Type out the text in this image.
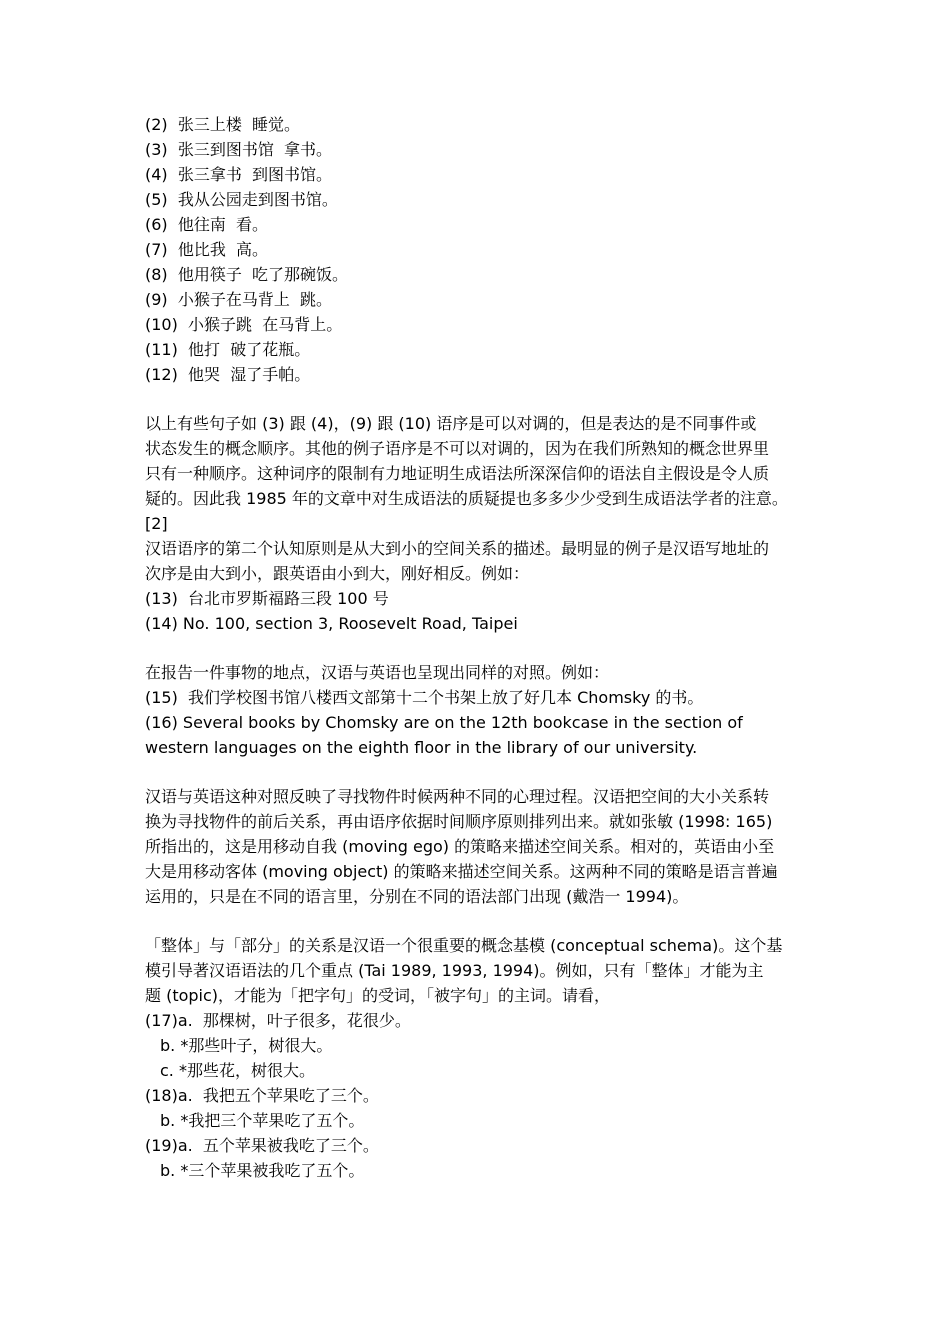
(2)  张三上楼  睡觉。
(3)  张三到图书馆  拿书。
(4)  张三拿书  到图书馆。
(5)  我从公园走到图书馆。
(6)  他往南  看。
(7)  他比我  高。
(8)  他用筷子  吃了那碗饭。
(9)  小猴子在马背上  跳。
(10)  小猴子跳  在马背上。
(11)  他打  破了花瓶。
(12)  他哭  湿了手帕。
以上有些句子如 (3) 跟 (4)，(9) 跟 (10) 语序是可以对调的，但是表达的是不同事件或
状态发生的概念顺序。其他的例子语序是不可以对调的，因为在我们所熟知的概念世界里
只有一种顺序。这种词序的限制有力地证明生成语法所深深信仰的语法自主假设是令人质
疑的。因此我 1985 年的文章中对生成语法的质疑提也多多少少受到生成语法学者的注意。
[2]
汉语语序的第二个认知原则是从大到小的空间关系的描述。最明显的例子是汉语写地址的
次序是由大到小，跟英语由小到大，刚好相反。例如：
(13)  台北市罗斯福路三段 100 号
(14) No. 100, section 3, Roosevelt Road, Taipei
在报告一件事物的地点，汉语与英语也呈现出同样的对照。例如：
(15)  我们学校图书馆八楼西文部第十二个书架上放了好几本 Chomsky 的书。
(16) Several books by Chomsky are on the 12th bookcase in the section of
western languages on the eighth floor in the library of our university.
汉语与英语这种对照反映了寻找物件时候两种不同的心理过程。汉语把空间的大小关系转
换为寻找物件的前后关系，再由语序依据时间顺序原则排列出来。就如张敏 (1998: 165)
所指出的，这是用移动自我 (moving ego) 的策略来描述空间关系。相对的，英语由小至
大是用移动客体 (moving object) 的策略来描述空间关系。这两种不同的策略是语言普遍
运用的，只是在不同的语言里，分别在不同的语法部门出现 (戴浩一 1994)。
「整体」与「部分」的关系是汉语一个很重要的概念基模 (conceptual schema)。这个基
模引导著汉语语法的几个重点 (Tai 1989, 1993, 1994)。例如，只有「整体」才能为主
题 (topic)，才能为「把字句」的受词，「被字句」的主词。请看，
(17)a.  那棵树，叶子很多，花很少。
b. *那些叶子，树很大。
c. *那些花，树很大。
(18)a.  我把五个苹果吃了三个。
b. *我把三个苹果吃了五个。
(19)a.  五个苹果被我吃了三个。
b. *三个苹果被我吃了五个。
